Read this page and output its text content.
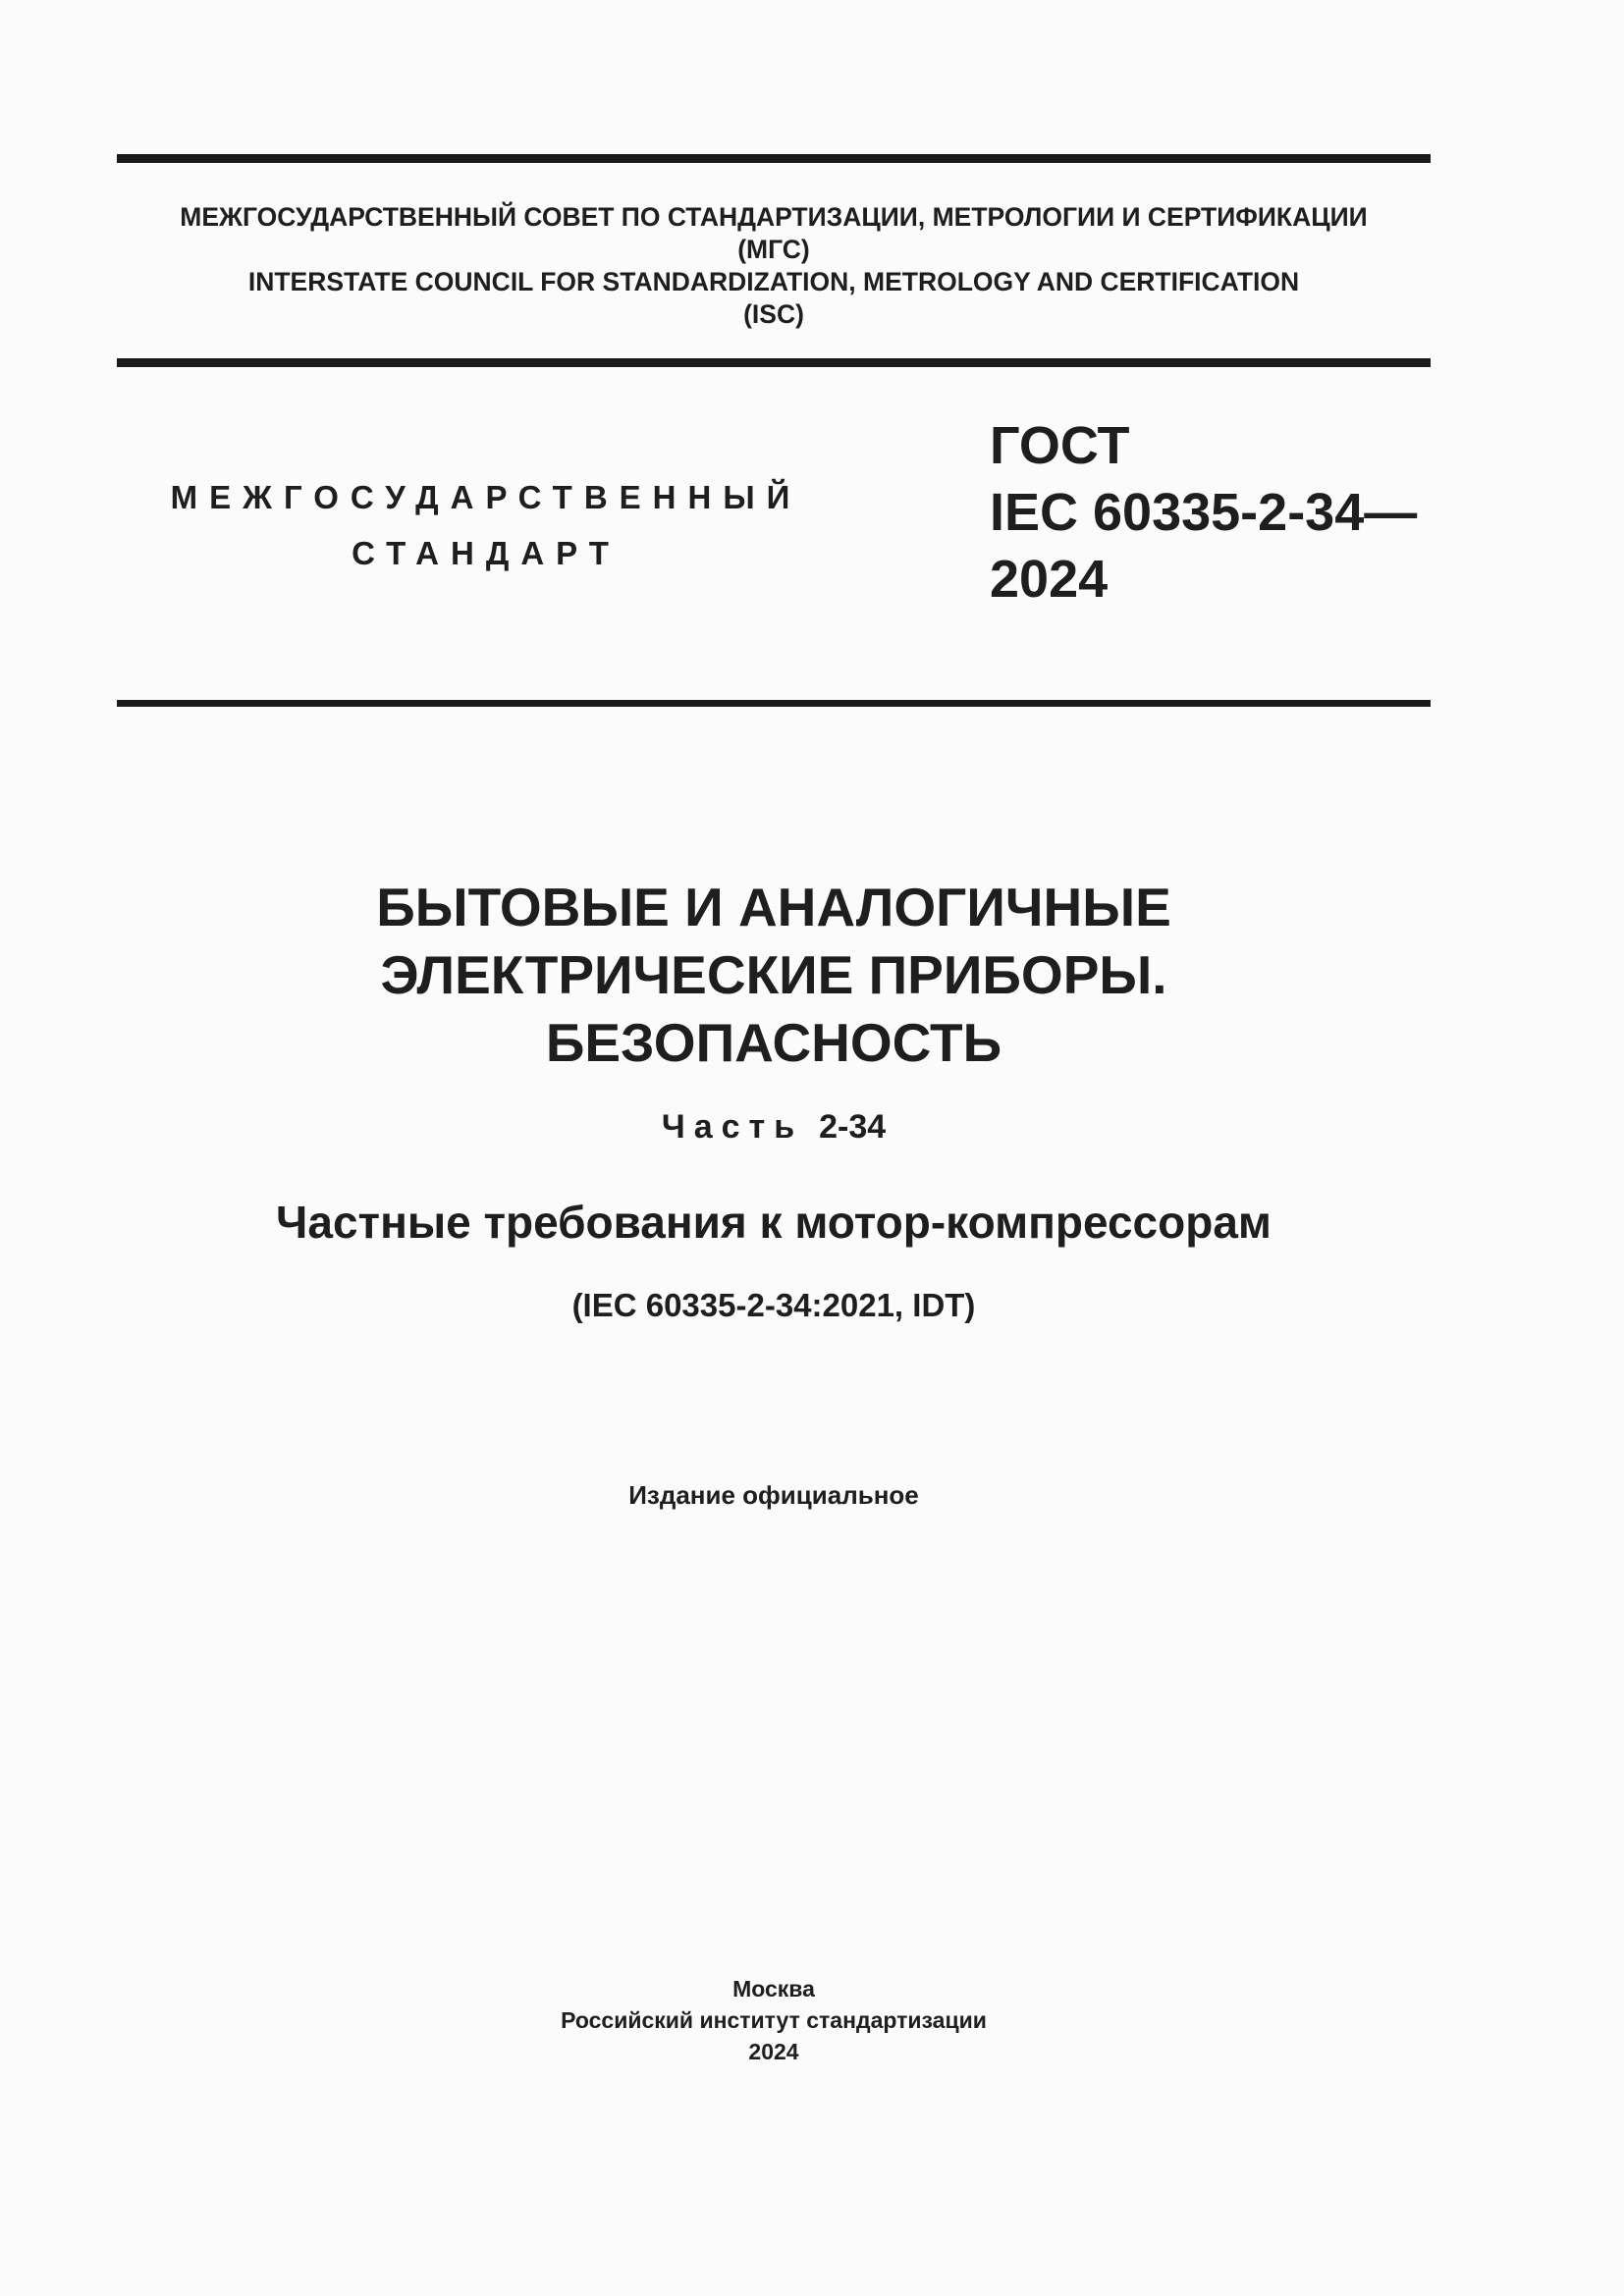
МЕЖГОСУДАРСТВЕННЫЙ СОВЕТ ПО СТАНДАРТИЗАЦИИ, МЕТРОЛОГИИ И СЕРТИФИКАЦИИ
(МГС)
INTERSTATE COUNCIL FOR STANDARDIZATION, METROLOGY AND CERTIFICATION
(ISC)
МЕЖГОСУДАРСТВЕННЫЙ
СТАНДАРТ
ГОСТ
IEC 60335-2-34—
2024
БЫТОВЫЕ И АНАЛОГИЧНЫЕ
ЭЛЕКТРИЧЕСКИЕ ПРИБОРЫ.
БЕЗОПАСНОСТЬ
Часть 2-34
Частные требования к мотор-компрессорам
(IEC 60335-2-34:2021, IDT)
Издание официальное
Москва
Российский институт стандартизации
2024
